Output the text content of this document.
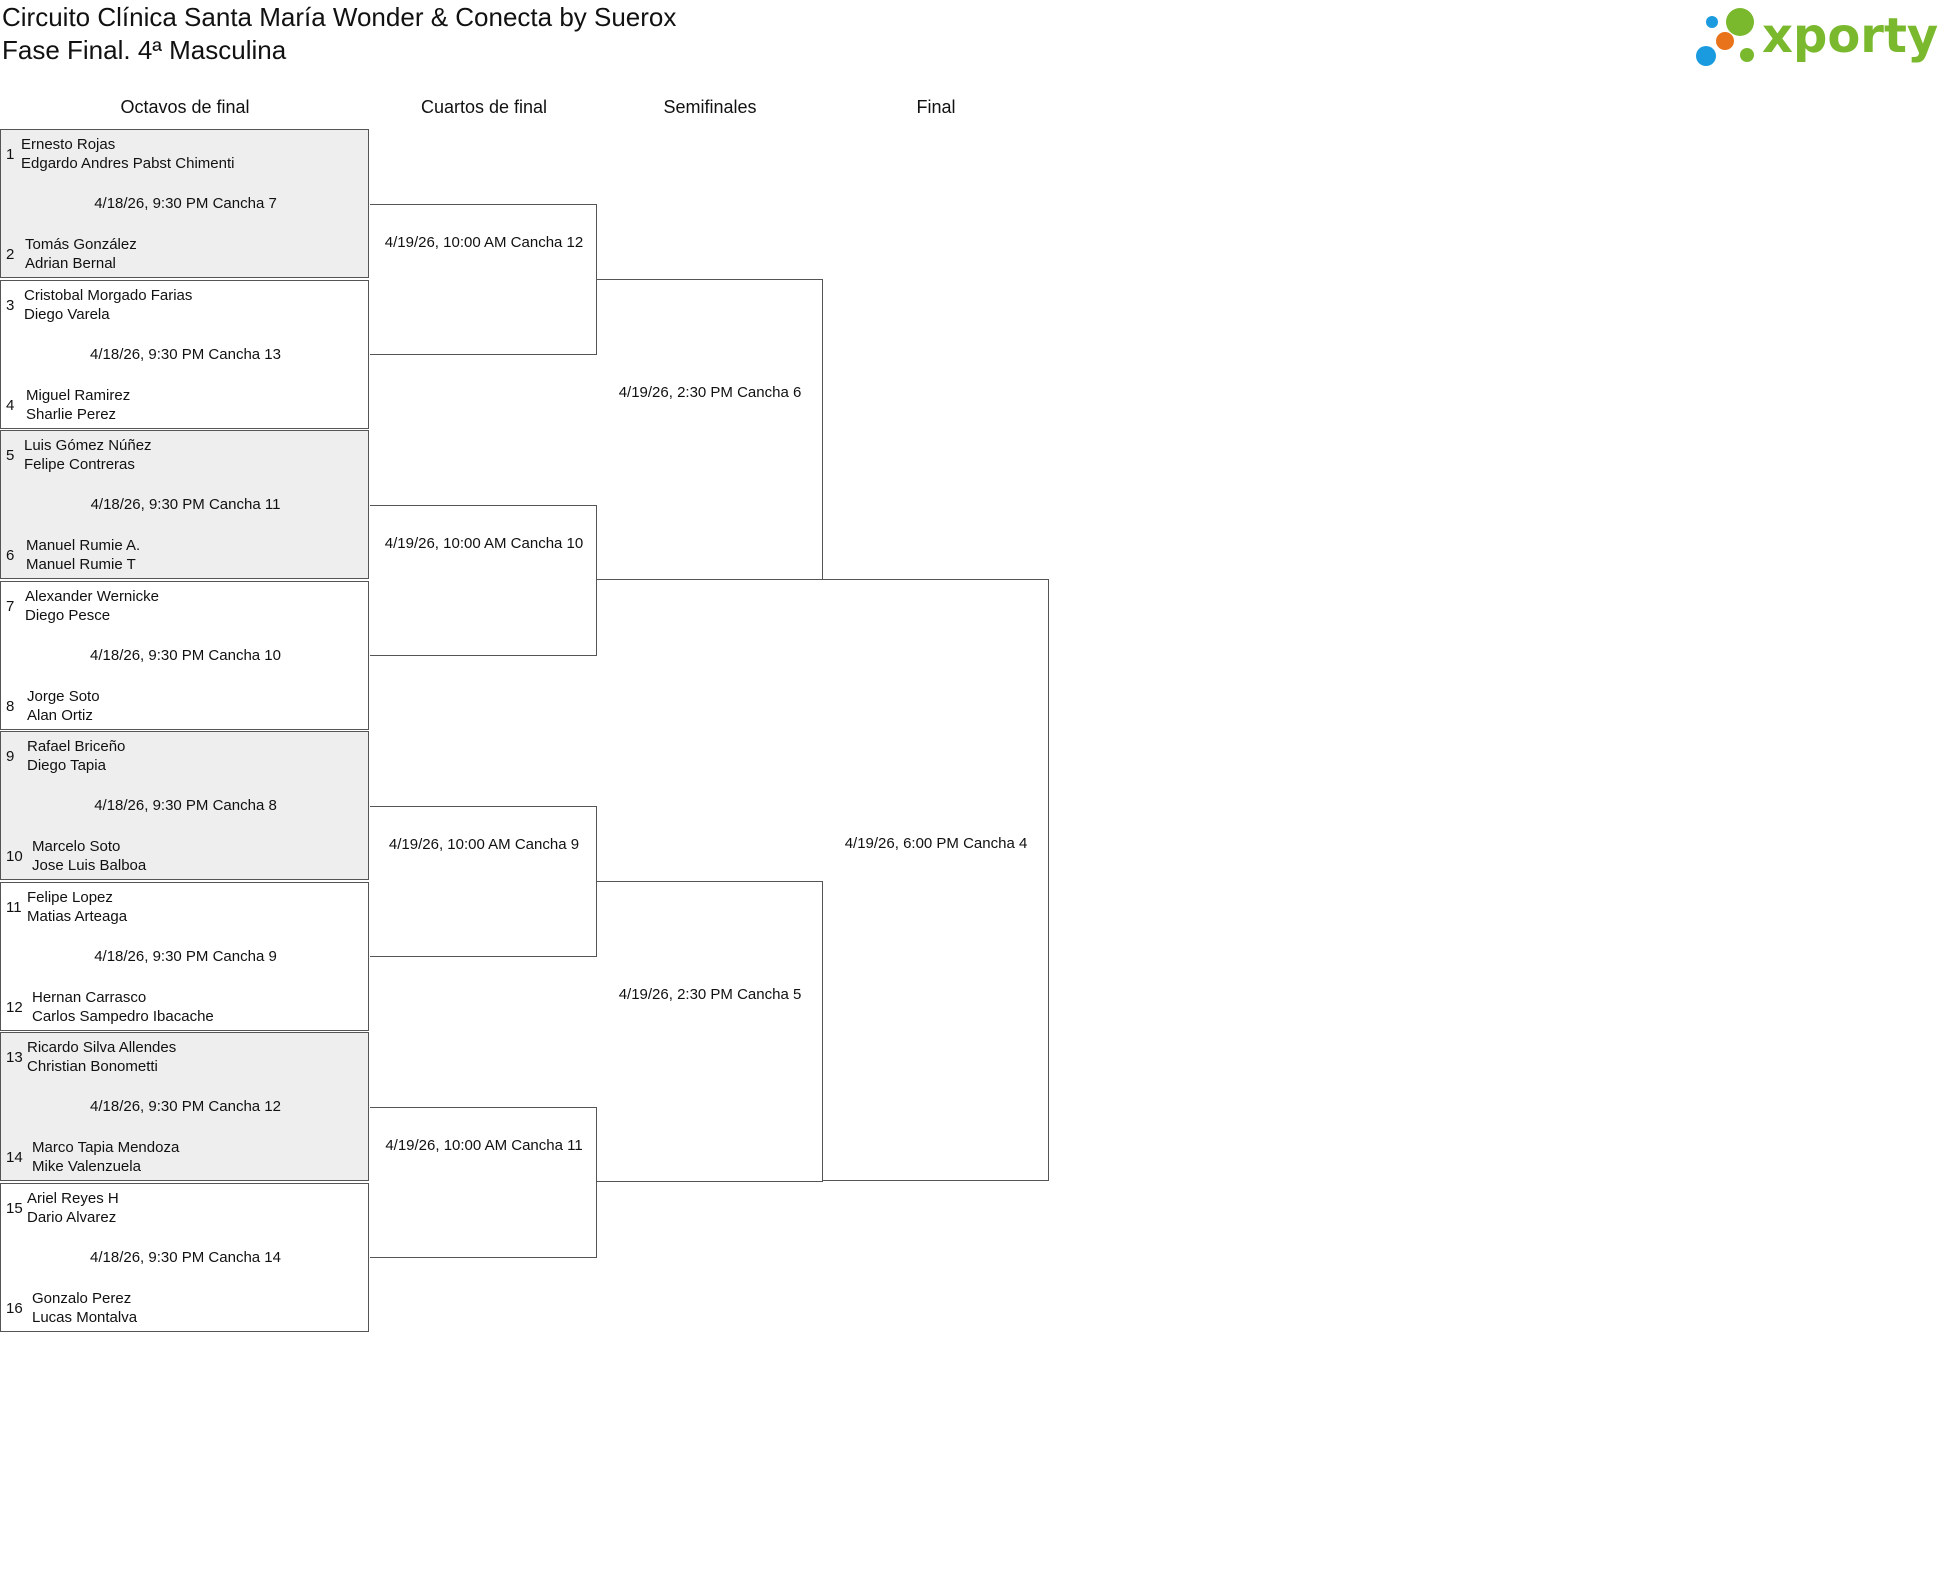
Circuito Clínica Santa María Wonder & Conecta by Suerox
Fase Final. 4ª Masculina	xporty
Octavos de final	Cuartos de final	Semifinales	Final
1
Ernesto Rojas
Edgardo Andres Pabst Chimenti
4/18/26, 9:30 PM Cancha 7
2
Tomás González
Adrian Bernal
3
Cristobal Morgado Farias
Diego Varela
4/18/26, 9:30 PM Cancha 13
4
Miguel Ramirez
Sharlie Perez
5
Luis Gómez Núñez
Felipe Contreras
4/18/26, 9:30 PM Cancha 11
6
Manuel Rumie A.
Manuel Rumie T
7
Alexander Wernicke
Diego Pesce
4/18/26, 9:30 PM Cancha 10
8
Jorge Soto
Alan Ortiz
9
Rafael Briceño
Diego Tapia
4/18/26, 9:30 PM Cancha 8
10
Marcelo Soto
Jose Luis Balboa
11
Felipe Lopez
Matias Arteaga
4/18/26, 9:30 PM Cancha 9
12
Hernan Carrasco
Carlos Sampedro Ibacache
13
Ricardo Silva Allendes
Christian Bonometti
4/18/26, 9:30 PM Cancha 12
14
Marco Tapia Mendoza
Mike Valenzuela
15
Ariel Reyes H
Dario Alvarez
4/18/26, 9:30 PM Cancha 14
16
Gonzalo Perez
Lucas Montalva
4/19/26, 10:00 AM Cancha 12
4/19/26, 10:00 AM Cancha 10
4/19/26, 10:00 AM Cancha 9
4/19/26, 10:00 AM Cancha 11
4/19/26, 2:30 PM Cancha 6
4/19/26, 2:30 PM Cancha 5
4/19/26, 6:00 PM Cancha 4
